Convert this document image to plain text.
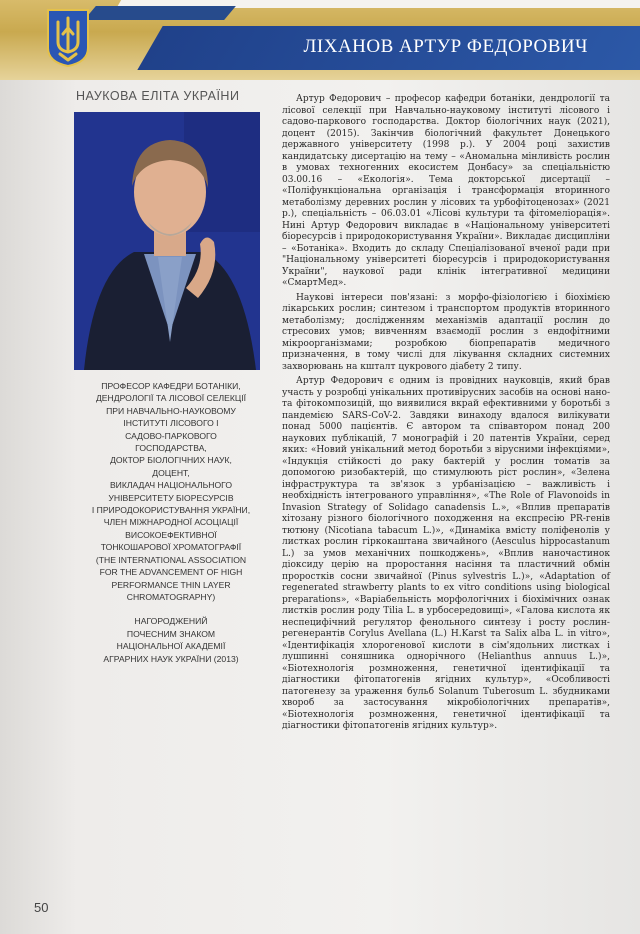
ЛІХАНОВ АРТУР ФЕДОРОВИЧ
НАУКОВА ЕЛІТА УКРАЇНИ

ПРОФЕСОР КАФЕДРИ БОТАНІКИ,

ДЕНДРОЛОГІЇ ТА ЛІСОВОЇ СЕЛЕКЦІЇ

ПРИ НАВЧАЛЬНО-НАУКОВОМУ

ІНСТИТУТІ ЛІСОВОГО І

САДОВО-ПАРКОВОГО

ГОСПОДАРСТВА,

ДОКТОР БІОЛОГІЧНИХ НАУК,

ДОЦЕНТ,

ВИКЛАДАЧ НАЦІОНАЛЬНОГО

УНІВЕРСИТЕТУ БІОРЕСУРСІВ

І ПРИРОДОКОРИСТУВАННЯ УКРАЇНИ,

ЧЛЕН МІЖНАРОДНОЇ АСОЦІАЦІЇ

ВИСОКОЕФЕКТИВНОЇ

ТОНКОШАРОВОЇ ХРОМАТОГРАФІЇ

(THE INTERNATIONAL ASSOCIATION

FOR THE ADVANCEMENT OF HIGH

PERFORMANCE THIN LAYER

CHROMATOGRAPHY)

НАГОРОДЖЕНИЙ

ПОЧЕСНИМ ЗНАКОМ

НАЦІОНАЛЬНОЇ АКАДЕМІЇ

АГРАРНИХ НАУК УКРАЇНИ (2013)

Артур Федорович – професор кафедри ботаніки, дендрології та лісової селекції при Навчально-науковому інституті лісового і садово-паркового господарства. Доктор біологічних наук (2021), доцент (2015). Закінчив біологічний факультет Донецького державного університету (1998 р.). У 2004 році захистив кандидатську дисертацію на тему – «Аномальна мінливість рослин в умовах техногенних екосистем Донбасу» за спеціальністю 03.00.16 – «Екологія». Тема докторської дисертації – «Поліфункціональна організація і трансформація вторинного метаболізму деревних рослин у лісових та урбофітоценозах» (2021 р.), спеціальність – 06.03.01 «Лісові культури та фітомеліорація». Нині Артур Федорович викладає в «Національному університеті біоресурсів і природокористування України». Викладає дисципліни – «Ботаніка». Входить до складу Спеціалізованої вченої ради при "Національному університеті біоресурсів і природокористування України", наукової ради клінік інтегративної медицини «СмартМед».

Наукові інтереси пов'язані: з морфо-фізіологією і біохімією лікарських рослин; синтезом і транспортом продуктів вторинного метаболізму; дослідженням механізмів адаптації рослин до стресових умов; вивченням взаємодії рослин з ендофітними мікроорганізмами; розробкою біопрепаратів медичного призначення, в тому числі для лікування складних системних захворювань на кшталт цукрового діабету 2 типу.

Артур Федорович є одним із провідних науковців, який брав участь у розробці унікальних противірусних засобів на основі нано- та фітокомпозицій, що виявилися вкрай ефективними у боротьбі з пандемією SARS-CoV-2. Завдяки винаходу вдалося вилікувати понад 5000 пацієнтів. Є автором та співавтором понад 200 наукових публікацій, 7 монографій і 20 патентів України, серед яких: «Новий унікальний метод боротьби з вірусними інфекціями», «Індукція стійкості до раку бактерій у рослин томатів за допомогою ризобактерій, що стимулюють ріст рослин», «Зелена інфраструктура та зв'язок з урбанізацією – важливість і необхідність інтегрованого управління», «The Role of Flavonoids in Invasion Strategy of Solidago canadensis L.», «Вплив препаратів хітозану різного біологічного походження на експресію PR-генів тютюну (Nicotiana tabacum L.)», «Динаміка вмісту поліфенолів у листках рослин гіркокаштана звичайного (Aesculus hippocastanum L.) за умов механічних пошкоджень», «Вплив наночастинок діоксиду церію на проростання насіння та пластичний обмін проростків сосни звичайної (Pinus sylvestris L.)», «Adaptation of regenerated strawberry plants to ex vitro conditions using biological preparations», «Варіабельність морфологічних і біохімічних ознак листків рослин роду Tilia L. в урбосередовищі», «Галова кислота як неспецифічний регулятор фенольного синтезу і росту рослин-регенерантів Corylus Avellana (L.) H.Karst та Salix alba L. in vitro», «Ідентифікація хлорогенової кислоти в сім'ядольних листках і лушпинні соняшника однорічного (Helianthus annuus L.)», «Біотехнологія розмноження, генетичної ідентифікації та діагностики фітопатогенів ягідних культур», «Особливості патогенезу за ураження бульб Solanum Tuberosum L. збудниками хвороб за застосування мікробіологічних препаратів», «Біотехнологія розмноження, генетичної ідентифікації та діагностики фітопатогенів ягідних культур».

50
